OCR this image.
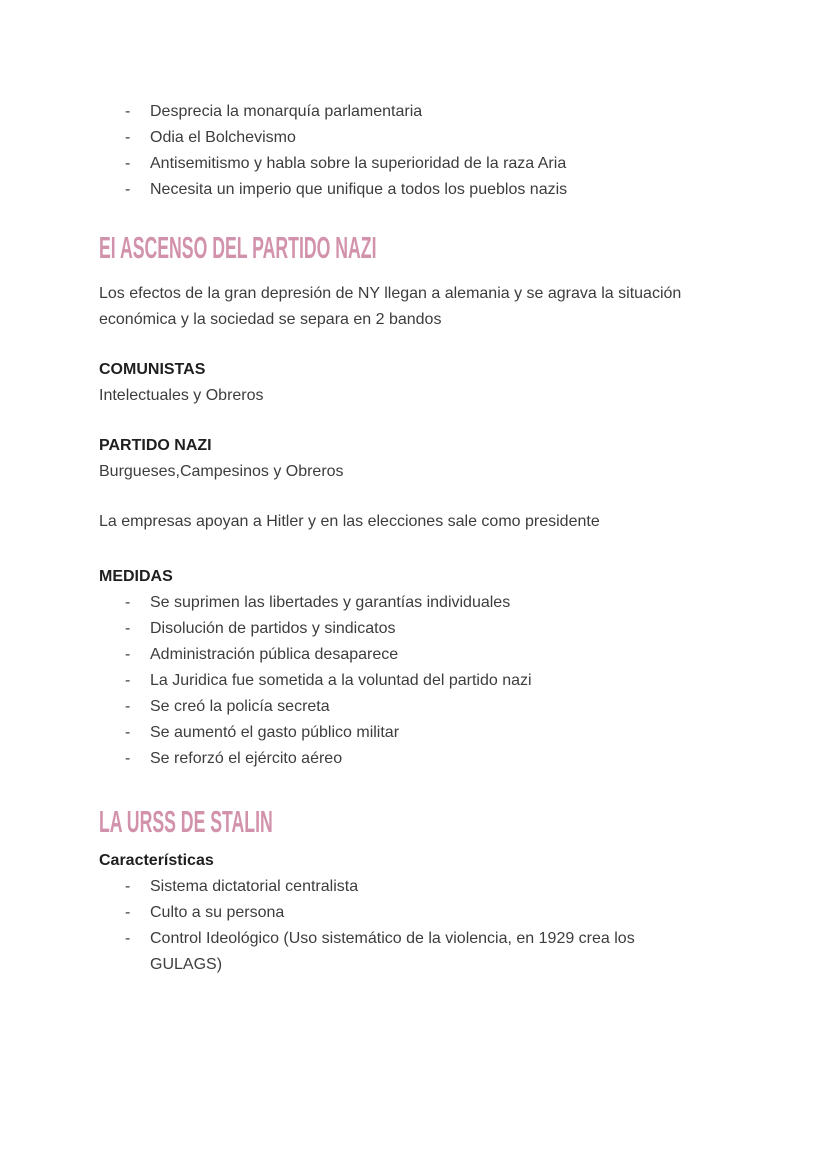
-	Desprecia la monarquía parlamentaria
-	Odia el Bolchevismo
-	Antisemitismo y habla sobre la superioridad de la raza Aria
-	Necesita un imperio que unifique a todos los pueblos nazis
EI ASCENSO DEL PARTIDO NAZI

Los efectos de la gran depresión de NY llegan a alemania y se agrava la situación económica y la sociedad se separa en 2 bandos

COMUNISTAS
Intelectuales y Obreros
PARTIDO NAZI
Burgueses,Campesinos y Obreros

La empresas apoyan a Hitler y en las elecciones sale como presidente

MEDIDAS
-	Se suprimen las libertades y garantías individuales
-	Disolución de partidos y sindicatos
-	Administración pública desaparece
-	La Juridica fue sometida a la voluntad del partido nazi
-	Se creó la policía secreta
-	Se aumentó el gasto público militar
-	Se reforzó el ejército aéreo
LA URSS DE STALIN
Características
-	Sistema dictatorial centralista
-	Culto a su persona
-	Control Ideológico (Uso sistemático de la violencia, en 1929 crea los GULAGS)
